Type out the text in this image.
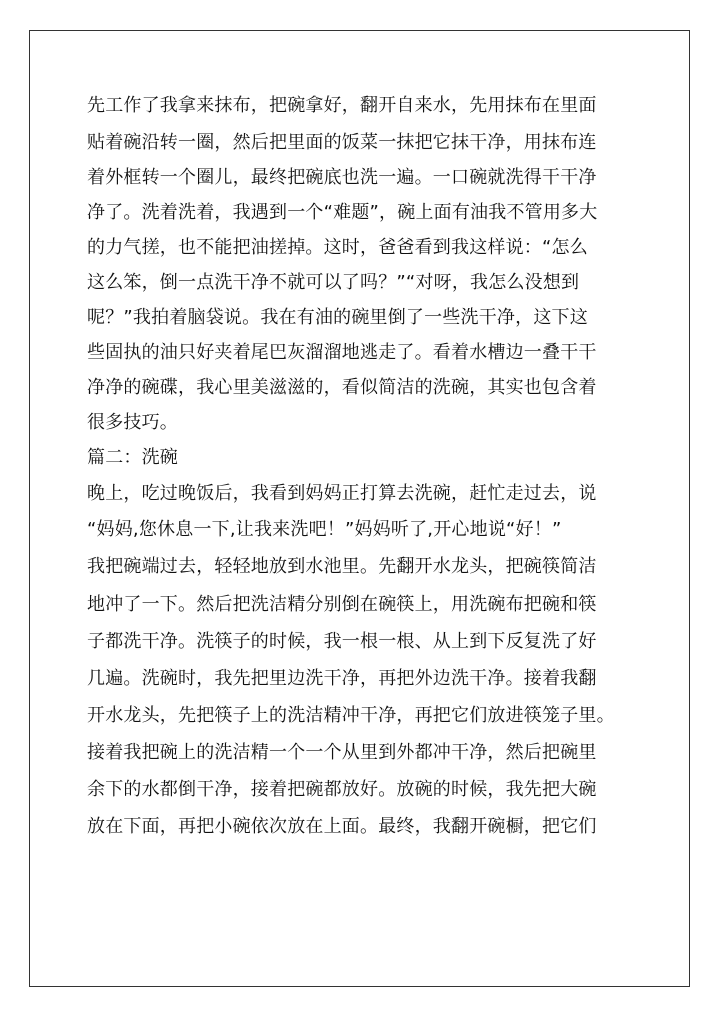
先工作了我拿来抹布，把碗拿好，翻开自来水，先用抹布在里面
贴着碗沿转一圈，然后把里面的饭菜一抹把它抹干净，用抹布连
着外框转一个圈儿，最终把碗底也洗一遍。一口碗就洗得干干净
净了。洗着洗着，我遇到一个“难题”，碗上面有油我不管用多大
的力气搓，也不能把油搓掉。这时，爸爸看到我这样说：“怎么
这么笨，倒一点洗干净不就可以了吗？”“对呀，我怎么没想到
呢？”我拍着脑袋说。我在有油的碗里倒了一些洗干净，这下这
些固执的油只好夹着尾巴灰溜溜地逃走了。看着水槽边一叠干干
净净的碗碟，我心里美滋滋的，看似简洁的洗碗，其实也包含着
很多技巧。
篇二：洗碗
晚上，吃过晚饭后，我看到妈妈正打算去洗碗，赶忙走过去，说
“妈妈,您休息一下,让我来洗吧！”妈妈听了,开心地说“好！”
我把碗端过去，轻轻地放到水池里。先翻开水龙头，把碗筷简洁
地冲了一下。然后把洗洁精分别倒在碗筷上，用洗碗布把碗和筷
子都洗干净。洗筷子的时候，我一根一根、从上到下反复洗了好
几遍。洗碗时，我先把里边洗干净，再把外边洗干净。接着我翻
开水龙头，先把筷子上的洗洁精冲干净，再把它们放进筷笼子里。
接着我把碗上的洗洁精一个一个从里到外都冲干净，然后把碗里
余下的水都倒干净，接着把碗都放好。放碗的时候，我先把大碗
放在下面，再把小碗依次放在上面。最终，我翻开碗橱，把它们
